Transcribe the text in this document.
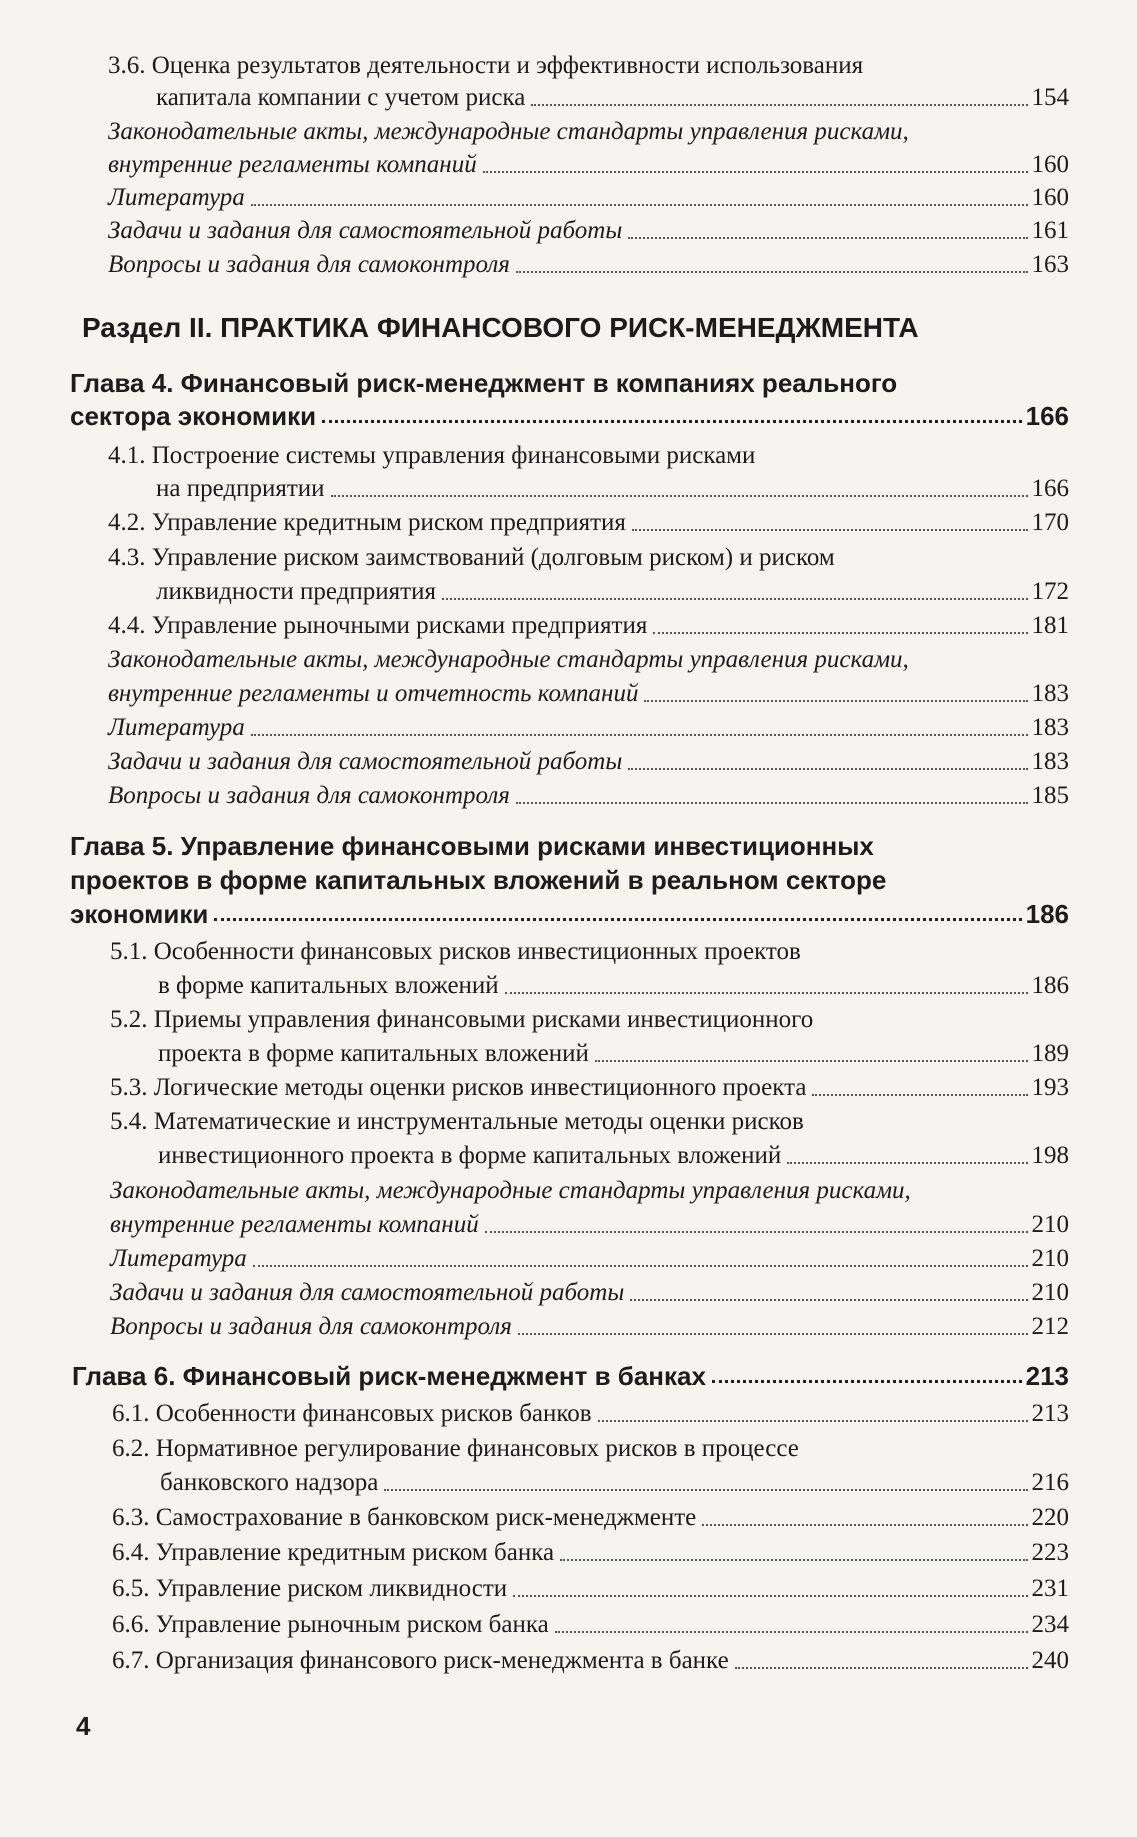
3.6. Оценка результатов деятельности и эффективности использования
капитала компании с учетом риска	154
Законодательные акты, международные стандарты управления рисками,
внутренние регламенты компаний	160
Литература	160
Задачи и задания для самостоятельной работы	161
Вопросы и задания для самоконтроля	163
Раздел II. ПРАКТИКА ФИНАНСОВОГО РИСК-МЕНЕДЖМЕНТА
Глава 4. Финансовый риск-менеджмент в компаниях реального
сектора экономики	166
4.1. Построение системы управления финансовыми рисками
на предприятии	166
4.2. Управление кредитным риском предприятия	170
4.3. Управление риском заимствований (долговым риском) и риском
ликвидности предприятия	172
4.4. Управление рыночными рисками предприятия	181
Законодательные акты, международные стандарты управления рисками,
внутренние регламенты и отчетность компаний	183
Литература	183
Задачи и задания для самостоятельной работы	183
Вопросы и задания для самоконтроля	185
Глава 5. Управление финансовыми рисками инвестиционных
проектов в форме капитальных вложений в реальном секторе
экономики	186
5.1. Особенности финансовых рисков инвестиционных проектов
в форме капитальных вложений	186
5.2. Приемы управления финансовыми рисками инвестиционного
проекта в форме капитальных вложений	189
5.3. Логические методы оценки рисков инвестиционного проекта	193
5.4. Математические и инструментальные методы оценки рисков
инвестиционного проекта в форме капитальных вложений	198
Законодательные акты, международные стандарты управления рисками,
внутренние регламенты компаний	210
Литература	210
Задачи и задания для самостоятельной работы	210
Вопросы и задания для самоконтроля	212
Глава 6. Финансовый риск-менеджмент в банках	213
6.1. Особенности финансовых рисков банков	213
6.2. Нормативное регулирование финансовых рисков в процессе
банковского надзора	216
6.3. Самострахование в банковском риск-менеджменте	220
6.4. Управление кредитным риском банка	223
6.5. Управление риском ликвидности	231
6.6. Управление рыночным риском банка	234
6.7. Организация финансового риск-менеджмента в банке	240
4
